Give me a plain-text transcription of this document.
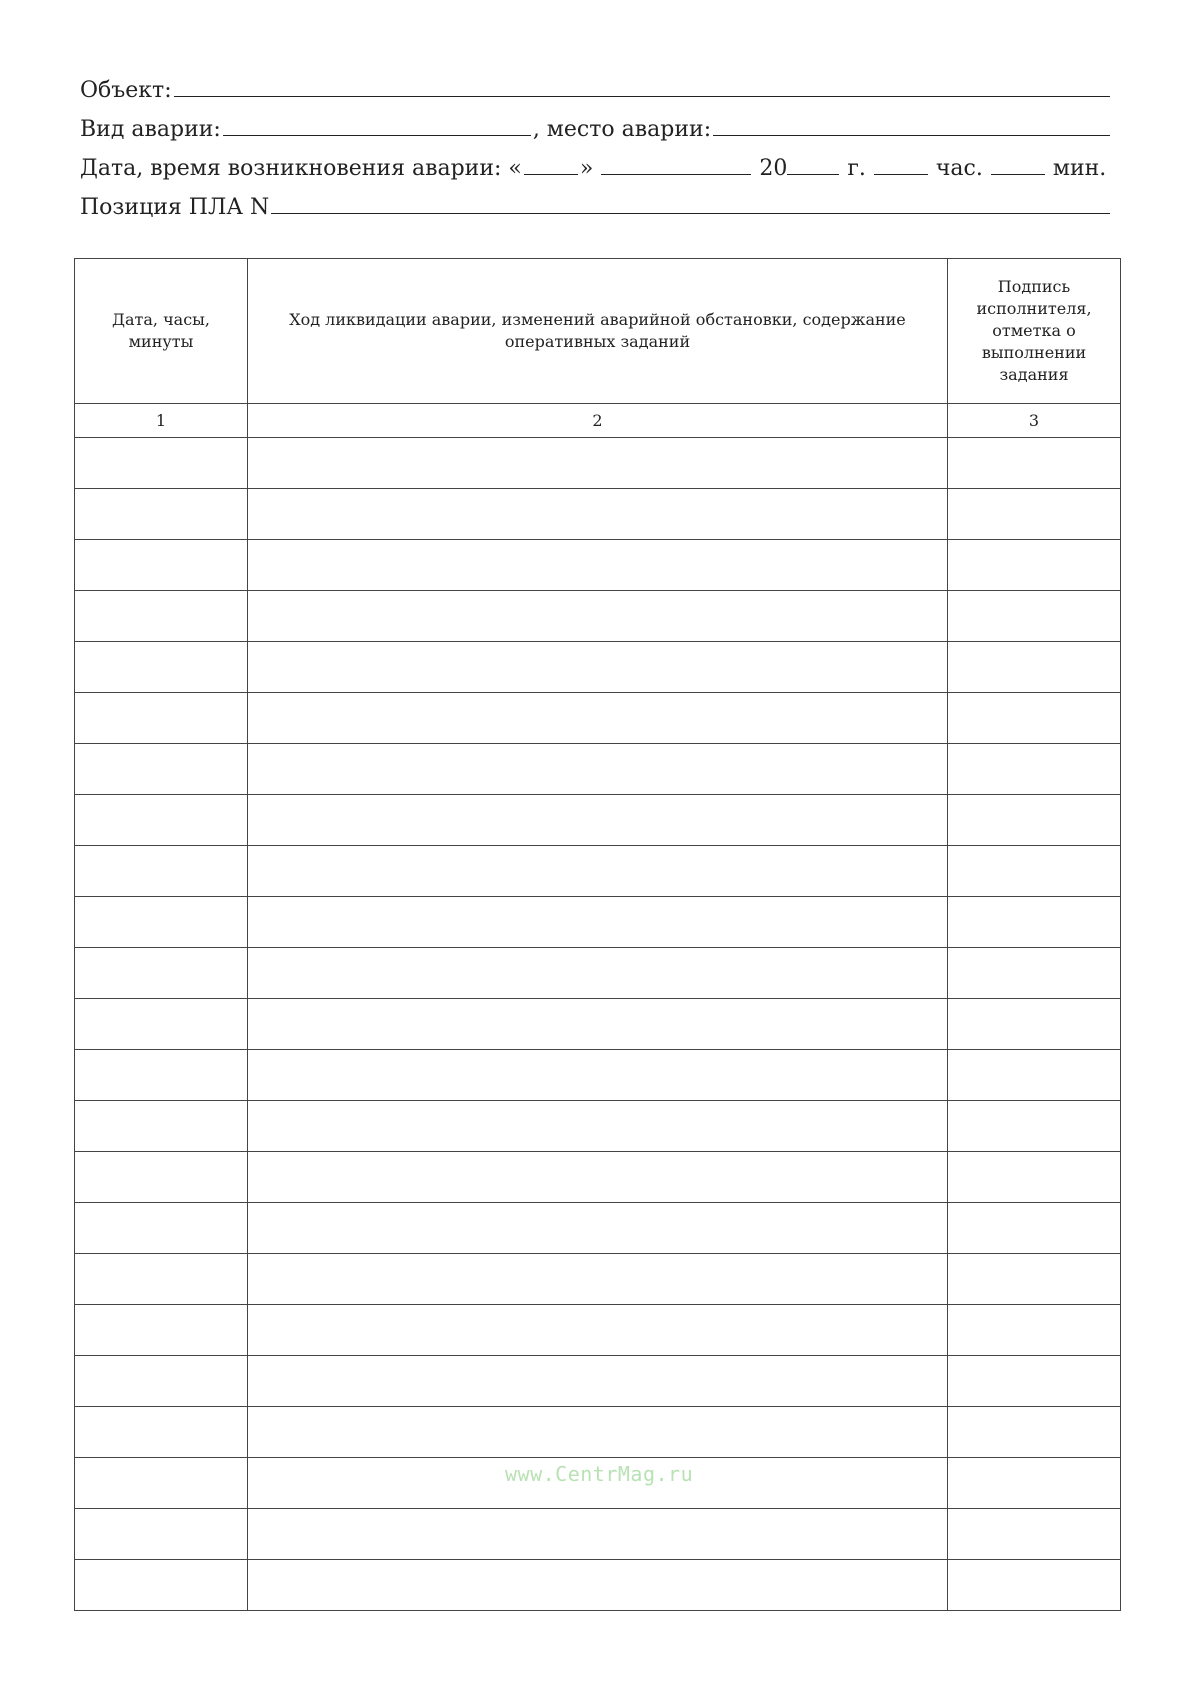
Объект:
Вид аварии:	, место аварии:
Дата, время возникновения аварии: «	»	20	г.	час.	мин.
Позиция ПЛА N
Дата, часы, минуты	Ход ликвидации аварии, изменений аварийной обстановки, содержание оперативных заданий	Подпись исполнителя, отметка о выполнении задания

1	2	3

www.CentrMag.ru
